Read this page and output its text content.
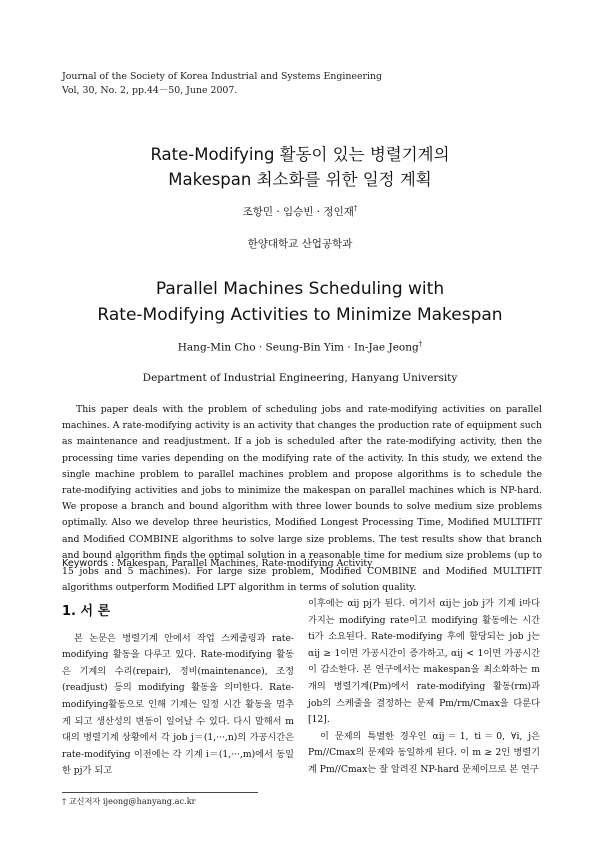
Journal of the Society of Korea Industrial and Systems Engineering
Vol, 30, No. 2, pp.44－50, June 2007.
Rate-Modifying 활동이 있는 병렬기계의
Makespan 최소화를 위한 일정 계획
조항민 · 임승빈 · 정인재†
한양대학교 산업공학과
Parallel Machines Scheduling with
Rate-Modifying Activities to Minimize Makespan
Hang-Min Cho · Seung-Bin Yim · In-Jae Jeong†
Department of Industrial Engineering, Hanyang University
This paper deals with the problem of scheduling jobs and rate-modifying activities on parallel machines. A rate-modifying activity is an activity that changes the production rate of equipment such as maintenance and readjustment. If a job is scheduled after the rate-modifying activity, then the processing time varies depending on the modifying rate of the activity. In this study, we extend the single machine problem to parallel machines problem and propose algorithms is to schedule the rate-modifying activities and jobs to minimize the makespan on parallel machines which is NP-hard. We propose a branch and bound algorithm with three lower bounds to solve medium size problems optimally. Also we develop three heuristics, Modified Longest Processing Time, Modified MULTIFIT and Modified COMBINE algorithms to solve large size problems. The test results show that branch and bound algorithm finds the optimal solution in a reasonable time for medium size problems (up to 15 jobs and 5 machines). For large size problem, Modified COMBINE and Modified MULTIFIT algorithms outperform Modified LPT algorithm in terms of solution quality.
Keywords : Makespan, Parallel Machines, Rate-modifying Activity
1. 서 론

본 논문은 병렬기계 안에서 작업 스케줄링과 rate-modifying 활동을 다루고 있다. Rate-modifying 활동은 기계의 수리(repair), 정비(maintenance), 조정(readjust) 등의 modifying 활동을 의미한다. Rate-modifying활동으로 인해 기계는 일정 시간 활동을 멈추게 되고 생산성의 변동이 일어날 수 있다. 다시 말해서 m대의 병렬기계 상황에서 각 job j＝(1,···,n)의 가공시간은 rate-modifying 이전에는 각 기계 i＝(1,···,m)에서 동일한 pj가 되고

이후에는 αij pj가 된다. 여기서 αij는 job j가 기계 i마다 가지는 modifying rate이고 modifying 활동에는 시간 ti가 소요된다. Rate-modifying 후에 할당되는 job j는 αij ≥ 1이면 가공시간이 증가하고, αij < 1이면 가공시간이 감소한다. 본 연구에서는 makespan을 최소화하는 m개의 병렬기계(Pm)에서 rate-modifying 활동(rm)과 job의 스케줄을 결정하는 문제 Pm/rm/Cmax을 다룬다[12].

이 문제의 특별한 경우인 αij＝1, ti＝0, ∀i, j은 Pm//Cmax의 문제와 동일하게 된다. 이 m ≥ 2인 병렬기계 Pm//Cmax는 잘 알려진 NP-hard 문제이므로 본 연구

† 교신저자 ijeong@hanyang.ac.kr
